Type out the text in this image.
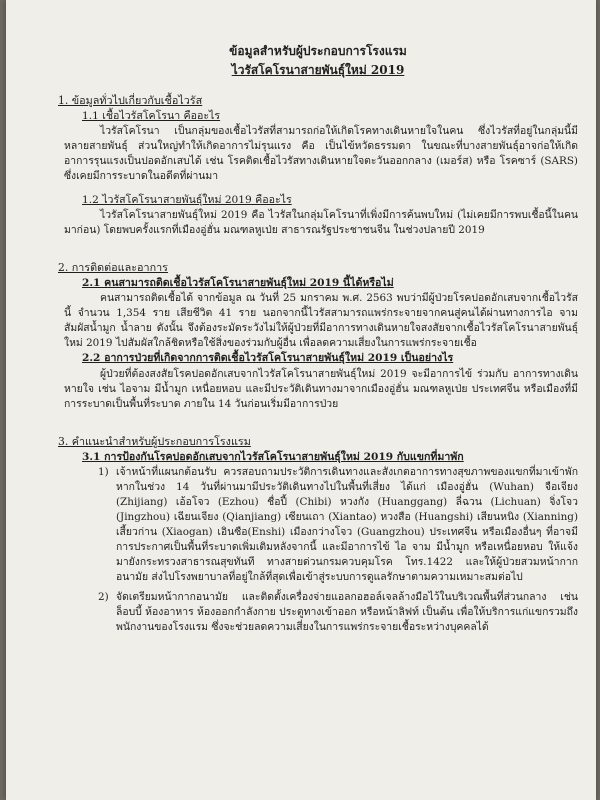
ข้อมูลสำหรับผู้ประกอบการโรงแรม
ไวรัสโคโรนาสายพันธุ์ใหม่ 2019
1. ข้อมูลทั่วไปเกี่ยวกับเชื้อไวรัส
1.1 เชื้อไวรัสโคโรนา คืออะไร
ไวรัสโคโรนา เป็นกลุ่มของเชื้อไวรัสที่สามารถก่อให้เกิดโรคทางเดินหายใจในคน ซึ่งไวรัสที่อยู่ในกลุ่มนี้มีหลายสายพันธุ์ ส่วนใหญ่ทำให้เกิดอาการไม่รุนแรง คือ เป็นไข้หวัดธรรมดา ในขณะที่บางสายพันธุ์อาจก่อให้เกิดอาการรุนแรงเป็นปอดอักเสบได้ เช่น โรคติดเชื้อไวรัสทางเดินหายใจตะวันออกกลาง (เมอร์ส) หรือ โรคซาร์ (SARS) ซึ่งเคยมีการระบาดในอดีตที่ผ่านมา
1.2 ไวรัสโคโรนาสายพันธุ์ใหม่ 2019 คืออะไร
ไวรัสโคโรนาสายพันธุ์ใหม่ 2019 คือ ไวรัสในกลุ่มโคโรนาที่เพิ่งมีการค้นพบใหม่ (ไม่เคยมีการพบเชื้อนี้ในคนมาก่อน) โดยพบครั้งแรกที่เมืองอู่ฮั่น มณฑลหูเป่ย สาธารณรัฐประชาชนจีน ในช่วงปลายปี 2019
2. การติดต่อและอาการ
2.1 คนสามารถติดเชื้อไวรัสโคโรนาสายพันธุ์ใหม่ 2019 นี้ได้หรือไม่
คนสามารถติดเชื้อได้ จากข้อมูล ณ วันที่ 25 มกราคม พ.ศ. 2563 พบว่ามีผู้ป่วยโรคปอดอักเสบจากเชื้อไวรัสนี้ จำนวน 1,354 ราย เสียชีวิต 41 ราย นอกจากนี้ไวรัสสามารถแพร่กระจายจากคนสู่คนได้ผ่านทางการไอ จาม สัมผัสน้ำมูก น้ำลาย ดังนั้น จึงต้องระมัดระวังไม่ให้ผู้ป่วยที่มีอาการทางเดินหายใจสงสัยจากเชื้อไวรัสโคโรนาสายพันธุ์ใหม่ 2019 ไปสัมผัสใกล้ชิดหรือใช้สิ่งของร่วมกับผู้อื่น เพื่อลดความเสี่ยงในการแพร่กระจายเชื้อ
2.2 อาการป่วยที่เกิดจากการติดเชื้อไวรัสโคโรนาสายพันธุ์ใหม่ 2019 เป็นอย่างไร
ผู้ป่วยที่ต้องสงสัยโรคปอดอักเสบจากไวรัสโคโรนาสายพันธุ์ใหม่ 2019 จะมีอาการไข้ ร่วมกับ อาการทางเดินหายใจ เช่น ไอจาม มีน้ำมูก เหนื่อยหอบ และมีประวัติเดินทางมาจากเมืองอู่ฮั่น มณฑลหูเป่ย ประเทศจีน หรือเมืองที่มีการระบาดเป็นพื้นที่ระบาด ภายใน 14 วันก่อนเริ่มมีอาการป่วย
3. คำแนะนำสำหรับผู้ประกอบการโรงแรม
3.1 การป้องกันโรคปอดอักเสบจากไวรัสโคโรนาสายพันธุ์ใหม่ 2019 กับแขกที่มาพัก
1) เจ้าหน้าที่แผนกต้อนรับ ควรสอบถามประวัติการเดินทางและสังเกตอาการทางสุขภาพของแขกที่มาเข้าพัก หากในช่วง 14 วันที่ผ่านมามีประวัติเดินทางไปในพื้นที่เสี่ยง ได้แก่ เมืองอู่ฮั่น (Wuhan) จือเจียง (Zhijiang) เอ้อโจว (Ezhou) ชื่อปี้ (Chibi) หวงกัง (Huanggang) ลี่ฉวน (Lichuan) จิ่งโจว (Jingzhou) เฉียนเจียง (Qianjiang) เซียนเถา (Xiantao) หวงสือ (Huangshi) เสียนหนิง (Xianning) เสี้ยวก่าน (Xiaogan) เอินซือ(Enshi) เมืองกว่างโจว (Guangzhou) ประเทศจีน หรือเมืองอื่นๆ ที่อาจมีการประกาศเป็นพื้นที่ระบาดเพิ่มเติมหลังจากนี้ และมีอาการไข้ ไอ จาม มีน้ำมูก หรือเหนื่อยหอบ ให้แจ้งมายังกระทรวงสาธารณสุขทันที ทางสายด่วนกรมควบคุมโรค โทร.1422 และให้ผู้ป่วยสวมหน้ากากอนามัย ส่งไปโรงพยาบาลที่อยู่ใกล้ที่สุดเพื่อเข้าสู่ระบบการดูแลรักษาตามความเหมาะสมต่อไป
2) จัดเตรียมหน้ากากอนามัย และติดตั้งเครื่องจ่ายแอลกอฮอล์เจลล้างมือไว้ในบริเวณพื้นที่ส่วนกลาง เช่น ล็อบบี้ ห้องอาหาร ห้องออกกำลังกาย ประตูทางเข้าออก หรือหน้าลิฟท์ เป็นต้น เพื่อให้บริการแก่แขกรวมถึงพนักงานของโรงแรม ซึ่งจะช่วยลดความเสี่ยงในการแพร่กระจายเชื้อระหว่างบุคคลได้
